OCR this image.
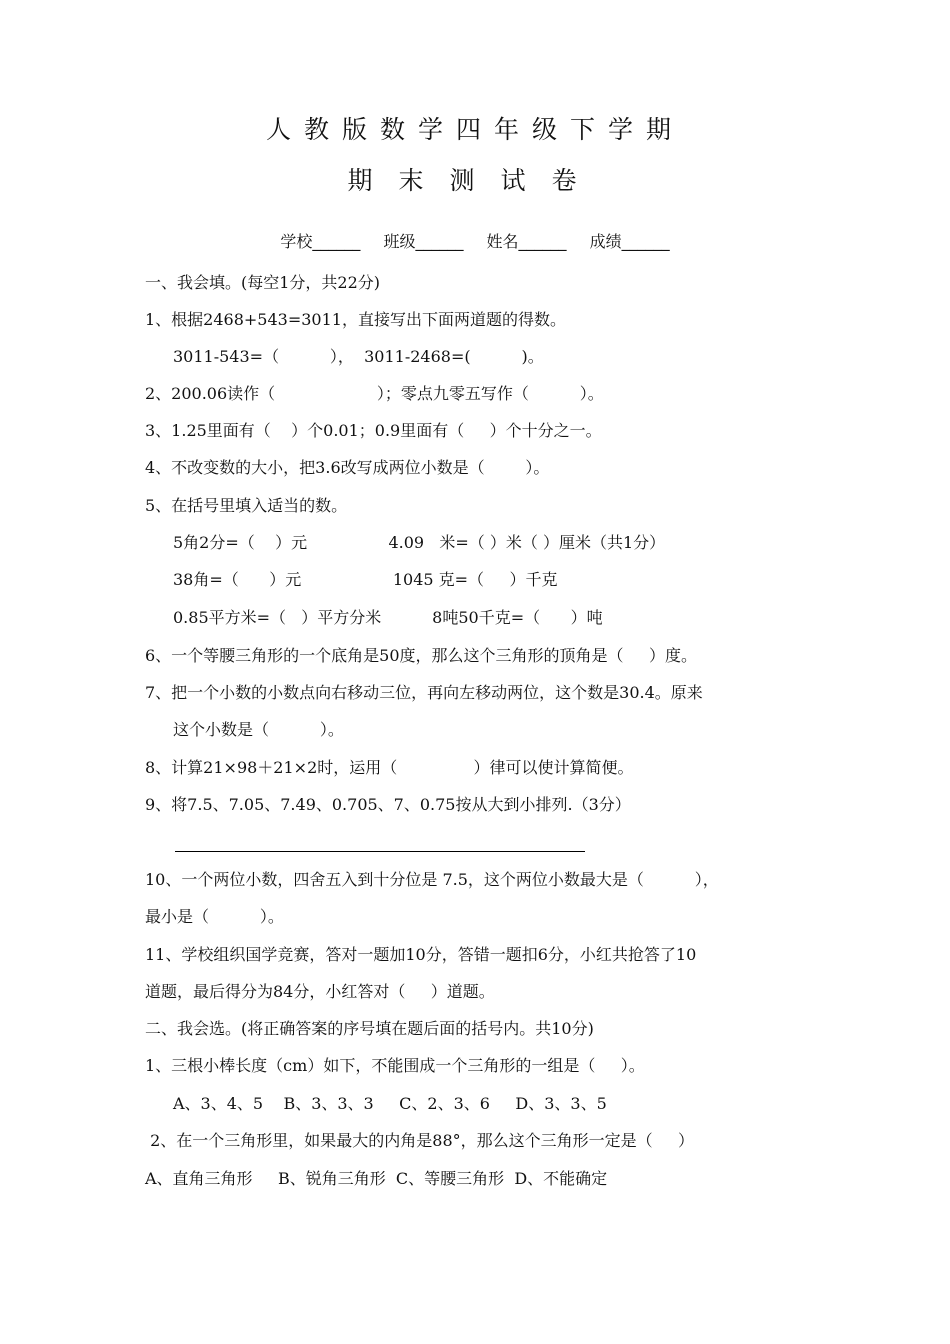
人教版数学四年级下学期
期末测试卷
学校______ 班级______ 姓名______ 成绩______
一、我会填。(每空1分，共22分)
1、根据2468+543=3011，直接写出下面两道题的得数。
3011-543=（          ），  3011-2468=(          )。
2、200.06读作（                    ）；零点九零五写作（          ）。
3、1.25里面有（    ）个0.01；0.9里面有（     ）个十分之一。
4、不改变数的大小，把3.6改写成两位小数是（        ）。
5、在括号里填入适当的数。
5角2分=（    ）元                4.09   米=（ ）米（ ）厘米（共1分）
38角=（      ）元                  1045 克=（     ）千克
0.85平方米=（   ）平方分米          8吨50千克=（      ）吨
6、一个等腰三角形的一个底角是50度，那么这个三角形的顶角是（     ）度。
7、把一个小数的小数点向右移动三位，再向左移动两位，这个数是30.4。原来
这个小数是（          ）。
8、计算21×98＋21×2时，运用（               ）律可以使计算简便。
9、将7.5、7.05、7.49、0.705、7、0.75按从大到小排列.（3分）
10、一个两位小数，四舍五入到十分位是 7.5，这个两位小数最大是（          ），
最小是（          ）。
11、学校组织国学竞赛，答对一题加10分，答错一题扣6分，小红共抢答了10
道题，最后得分为84分，小红答对（     ）道题。
二、我会选。(将正确答案的序号填在题后面的括号内。共10分)
1、三根小棒长度（cm）如下，不能围成一个三角形的一组是（     ）。
A、3、4、5    B、3、3、3     C、2、3、6     D、3、3、5
2、在一个三角形里，如果最大的内角是88°，那么这个三角形一定是（     ）
A、直角三角形     B、锐角三角形  C、等腰三角形  D、不能确定
